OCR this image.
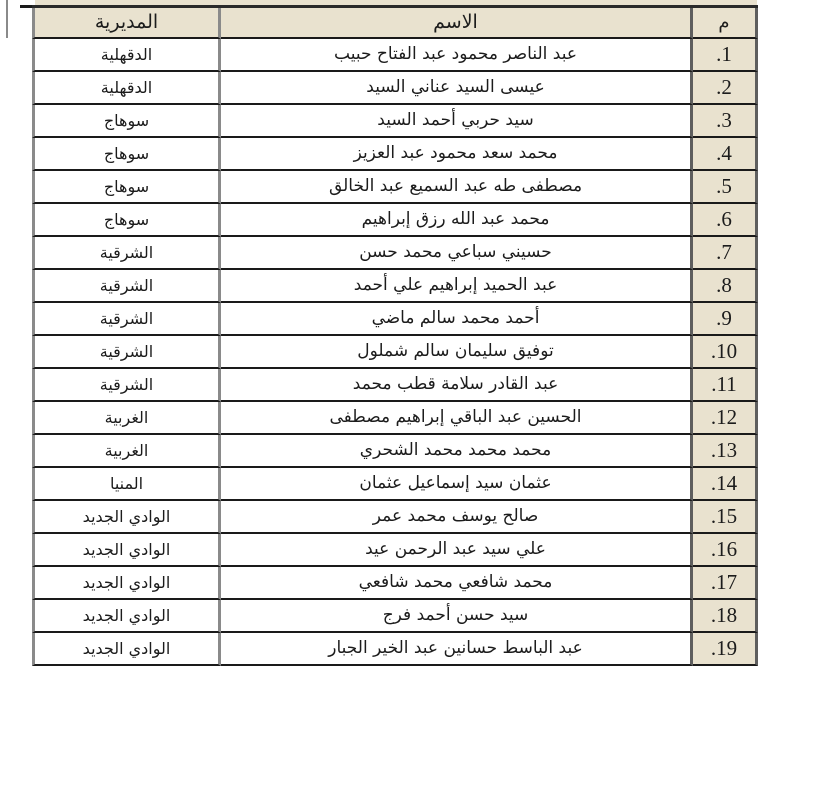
المديرية	الاسم	م
الدقهلية	عبد الناصر محمود عبد الفتاح حبيب	.1
الدقهلية	عيسى السيد عناني السيد	.2
سوهاج	سيد حربي أحمد السيد	.3
سوهاج	محمد سعد محمود عبد العزيز	.4
سوهاج	مصطفى طه عبد السميع عبد الخالق	.5
سوهاج	محمد عبد الله رزق إبراهيم	.6
الشرقية	حسيني سباعي محمد حسن	.7
الشرقية	عبد الحميد إبراهيم علي أحمد	.8
الشرقية	أحمد محمد سالم ماضي	.9
الشرقية	توفيق سليمان سالم شملول	.10
الشرقية	عبد القادر سلامة قطب محمد	.11
الغربية	الحسين عبد الباقي إبراهيم مصطفى	.12
الغربية	محمد محمد محمد الشحري	.13
المنيا	عثمان سيد إسماعيل عثمان	.14
الوادي الجديد	صالح يوسف محمد عمر	.15
الوادي الجديد	علي سيد عبد الرحمن عيد	.16
الوادي الجديد	محمد شافعي محمد شافعي	.17
الوادي الجديد	سيد حسن أحمد فرج	.18
الوادي الجديد	عبد الباسط حسانين عبد الخير الجبار	.19
